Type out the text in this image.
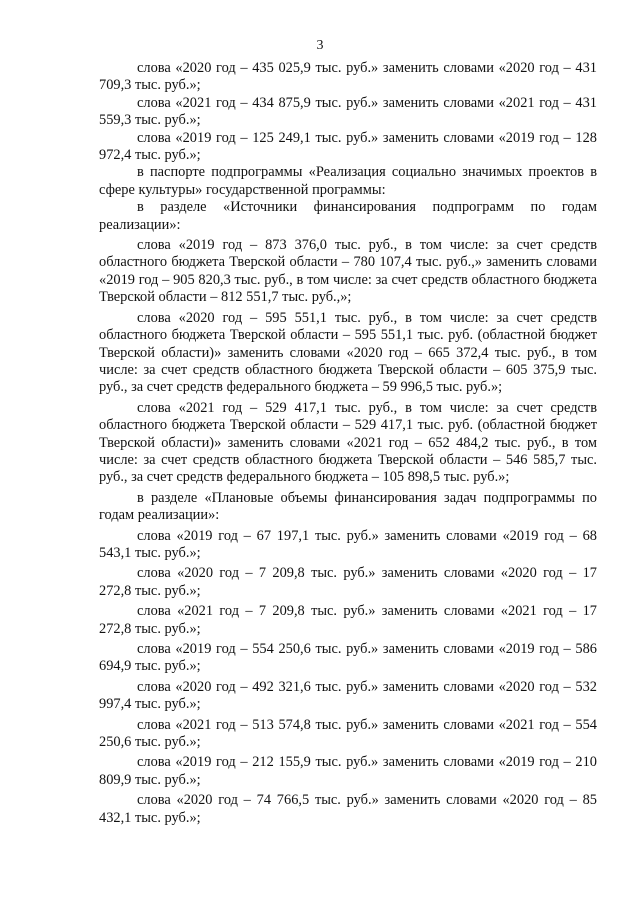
3

слова «2020 год – 435 025,9 тыс. руб.» заменить словами «2020 год – 431 709,3 тыс. руб.»;

слова «2021 год – 434 875,9 тыс. руб.» заменить словами «2021 год – 431 559,3 тыс. руб.»;

слова «2019 год – 125 249,1 тыс. руб.» заменить словами «2019 год – 128 972,4 тыс. руб.»;

в паспорте подпрограммы «Реализация социально значимых проектов в сфере культуры» государственной программы:

в разделе «Источники финансирования подпрограмм по годам реализации»:

слова «2019 год – 873 376,0 тыс. руб., в том числе: за счет средств областного бюджета Тверской области – 780 107,4 тыс. руб.,» заменить словами «2019 год – 905 820,3 тыс. руб., в том числе: за счет средств областного бюджета Тверской области – 812 551,7 тыс. руб.,»;

слова «2020 год – 595 551,1 тыс. руб., в том числе: за счет средств областного бюджета Тверской области – 595 551,1 тыс. руб. (областной бюджет Тверской области)» заменить словами «2020 год – 665 372,4 тыс. руб., в том числе: за счет средств областного бюджета Тверской области – 605 375,9 тыс. руб., за счет средств федерального бюджета – 59 996,5 тыс. руб.»;

слова «2021 год – 529 417,1 тыс. руб., в том числе: за счет средств областного бюджета Тверской области – 529 417,1 тыс. руб. (областной бюджет Тверской области)» заменить словами «2021 год – 652 484,2 тыс. руб., в том числе: за счет средств областного бюджета Тверской области – 546 585,7 тыс. руб., за счет средств федерального бюджета – 105 898,5 тыс. руб.»;

в разделе «Плановые объемы финансирования задач подпрограммы по годам реализации»:

слова «2019 год – 67 197,1 тыс. руб.» заменить словами «2019 год – 68 543,1 тыс. руб.»;

слова «2020 год – 7 209,8 тыс. руб.» заменить словами «2020 год – 17 272,8 тыс. руб.»;

слова «2021 год – 7 209,8 тыс. руб.» заменить словами «2021 год – 17 272,8 тыс. руб.»;

слова «2019 год – 554 250,6 тыс. руб.» заменить словами «2019 год – 586 694,9 тыс. руб.»;

слова «2020 год – 492 321,6 тыс. руб.» заменить словами «2020 год – 532 997,4 тыс. руб.»;

слова «2021 год – 513 574,8 тыс. руб.» заменить словами «2021 год – 554 250,6 тыс. руб.»;

слова «2019 год – 212 155,9 тыс. руб.» заменить словами «2019 год – 210 809,9 тыс. руб.»;

слова «2020 год – 74 766,5 тыс. руб.» заменить словами «2020 год – 85 432,1 тыс. руб.»;
